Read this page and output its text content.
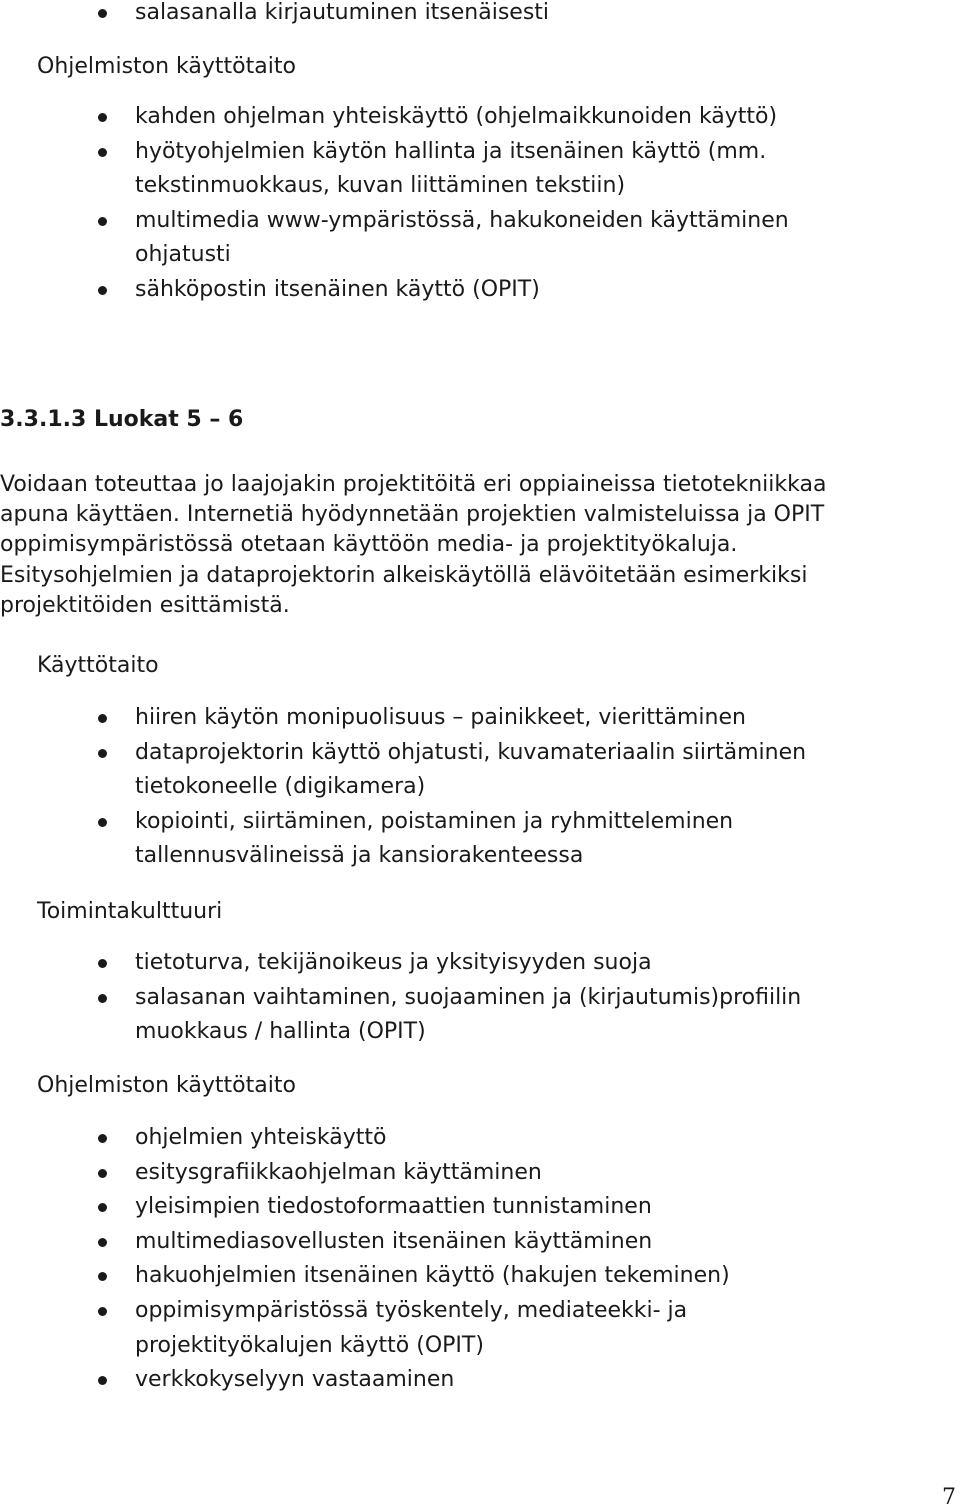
salasanalla kirjautuminen itsenäisesti
Ohjelmiston käyttötaito
kahden ohjelman yhteiskäyttö (ohjelmaikkunoiden käyttö)
hyötyohjelmien käytön hallinta ja itsenäinen käyttö (mm.
tekstinmuokkaus, kuvan liittäminen tekstiin)
multimedia www-ympäristössä, hakukoneiden käyttäminen
ohjatusti
sähköpostin itsenäinen käyttö (OPIT)
3.3.1.3 Luokat 5 – 6
Voidaan toteuttaa jo laajojakin projektitöitä eri oppiaineissa tietotekniikkaa
apuna käyttäen. Internetiä hyödynnetään projektien valmisteluissa ja OPIT
oppimisympäristössä otetaan käyttöön media- ja projektityökaluja.
Esitysohjelmien ja dataprojektorin alkeiskäytöllä elävöitetään esimerkiksi
projektitöiden esittämistä.
Käyttötaito
hiiren käytön monipuolisuus – painikkeet, vierittäminen
dataprojektorin käyttö ohjatusti, kuvamateriaalin siirtäminen
tietokoneelle (digikamera)
kopiointi, siirtäminen, poistaminen ja ryhmitteleminen
tallennusvälineissä ja kansiorakenteessa
Toimintakulttuuri
tietoturva, tekijänoikeus ja yksityisyyden suoja
salasanan vaihtaminen, suojaaminen ja (kirjautumis)profiilin
muokkaus / hallinta (OPIT)
Ohjelmiston käyttötaito
ohjelmien yhteiskäyttö
esitysgrafiikkaohjelman käyttäminen
yleisimpien tiedostoformaattien tunnistaminen
multimediasovellusten itsenäinen käyttäminen
hakuohjelmien itsenäinen käyttö (hakujen tekeminen)
oppimisympäristössä työskentely, mediateekki- ja
projektityökalujen käyttö (OPIT)
verkkokyselyyn vastaaminen
7
